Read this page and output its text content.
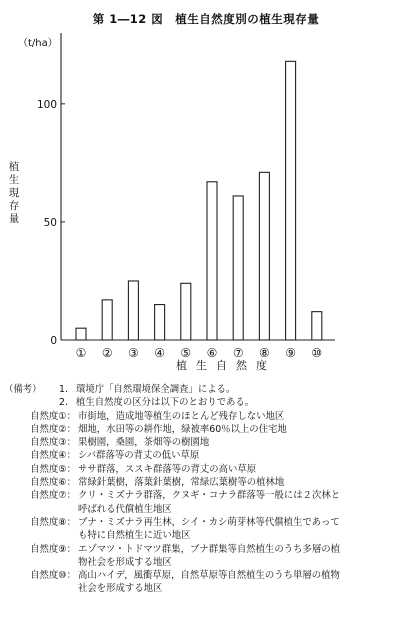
第 1―12 図　植生自然度別の植生現存量
① ② ③ ④ ⑤ ⑥ ⑦ ⑧ ⑨ ⑩
0
50
100
（t/ha）
植
生
現
存
量
植生自然度
（備考）	1. 環境庁「自然環境保全調査」による。
2. 植生自然度の区分は以下のとおりである。
自然度①： 市街地，造成地等植生のほとんど残存しない地区
自然度②： 畑地，水田等の耕作地，緑被率60％以上の住宅地
自然度③： 果樹園，桑園，茶畑等の樹園地
自然度④： シバ群落等の背丈の低い草原
自然度⑤： ササ群落，ススキ群落等の背丈の高い草原
自然度⑥： 常緑針葉樹，落葉針葉樹，常緑広葉樹等の植林地
自然度⑦： クリ・ミズナラ群落，クヌギ・コナラ群落等一般には２次林と
呼ばれる代償植生地区
自然度⑧： ブナ・ミズナラ再生林，シイ・カシ萌芽林等代償植生であって
も特に自然植生に近い地区
自然度⑨： エゾマツ・トドマツ群集，ブナ群集等自然植生のうち多層の植
物社会を形成する地区
自然度⑩： 高山ハイデ，風衝草原，自然草原等自然植生のうち単層の植物
社会を形成する地区
